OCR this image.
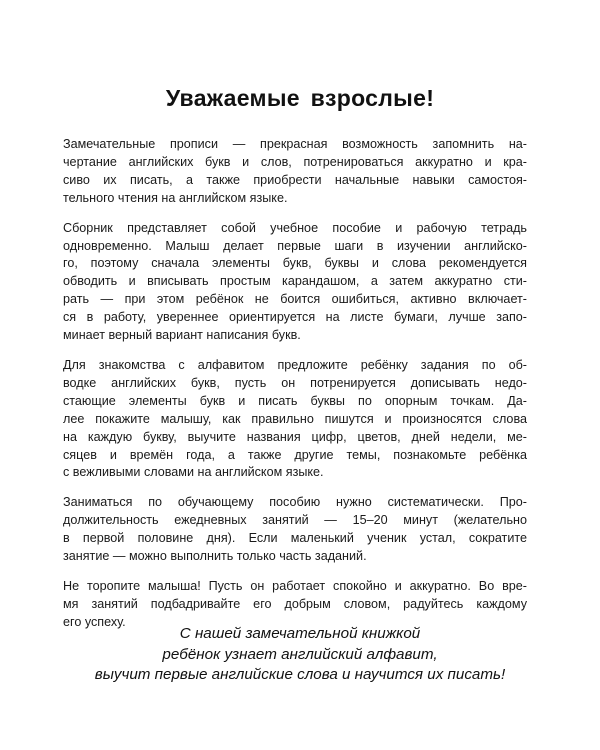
Уважаемые взрослые!

Замечательные прописи — прекрасная возможность запомнить на-
чертание английских букв и слов, потренироваться аккуратно и кра-
сиво их писать, а также приобрести начальные навыки самостоя-
тельного чтения на английском языке.

Сборник представляет собой учебное пособие и рабочую тетрадь
одновременно. Малыш делает первые шаги в изучении английско-
го, поэтому сначала элементы букв, буквы и слова рекомендуется
обводить и вписывать простым карандашом, а затем аккуратно сти-
рать — при этом ребёнок не боится ошибиться, активно включает-
ся в работу, увереннее ориентируется на листе бумаги, лучше запо-
минает верный вариант написания букв.

Для знакомства с алфавитом предложите ребёнку задания по об-
водке английских букв, пусть он потренируется дописывать недо-
стающие элементы букв и писать буквы по опорным точкам. Да-
лее покажите малышу, как правильно пишутся и произносятся слова
на каждую букву, выучите названия цифр, цветов, дней недели, ме-
сяцев и времён года, а также другие темы, познакомьте ребёнка
с вежливыми словами на английском языке.

Заниматься по обучающему пособию нужно систематически. Про-
должительность ежедневных занятий — 15–20 минут (желательно
в первой половине дня). Если маленький ученик устал, сократите
занятие — можно выполнить только часть заданий.

Не торопите малыша! Пусть он работает спокойно и аккуратно. Во вре-
мя занятий подбадривайте его добрым словом, радуйтесь каждому
его успеху.

С нашей замечательной книжкой
ребёнок узнает английский алфавит,
выучит первые английские слова и научится их писать!
